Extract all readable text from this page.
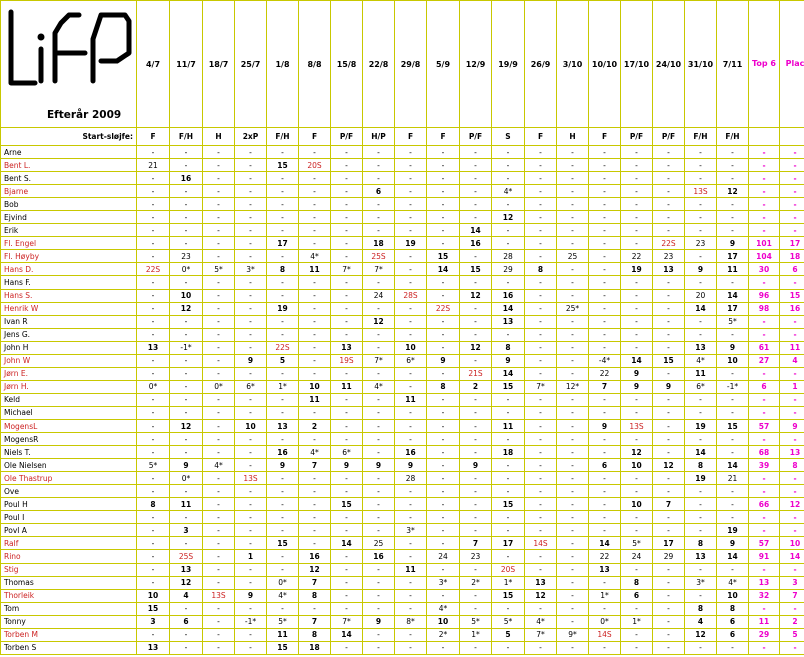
Efterår 2009	4/7	11/7	18/7	25/7	1/8	8/8	15/8	22/8	29/8	5/9	12/9	19/9	26/9	3/10	10/10	17/10	24/10	31/10	7/11	Top 6	Plac
Start-sløjfe:	F	F/H	H	2xP	F/H	F	P/F	H/P	F	F	P/F	S	F	H	F	P/F	P/F	F/H	F/H		
Arne	-	-	-	-	-	-	-	-	-	-	-	-	-	-	-	-	-	-	-	-	-
Bent L.	21	-	-	-	15	20S	-	-	-	-	-	-	-	-	-	-	-	-	-	-	-
Bent S.	-	16	-	-	-	-	-	-	-	-	-	-	-	-	-	-	-	-	-	-	-
Bjarne	-	-	-	-	-	-	-	6	-	-	-	4*	-	-	-	-	-	13S	12	-	-
Bob	-	-	-	-	-	-	-	-	-	-	-	-	-	-	-	-	-	-	-	-	-
Ejvind	-	-	-	-	-	-	-	-	-	-	-	12	-	-	-	-	-	-	-	-	-
Erik	-	-	-	-	-	-	-	-	-	-	14	-	-	-	-	-	-	-	-	-	-
Fl. Engel	-	-	-	-	17	-	-	18	19	-	16	-	-	-	-	-	22S	23	9	101	17
Fl. Høyby	-	23	-	-	-	4*	-	25S	-	15	-	28	-	25	-	22	23	-	17	104	18
Hans D.	22S	0*	5*	3*	8	11	7*	7*	-	14	15	29	8	-	-	19	13	9	11	30	6
Hans F.	-	-	-	-	-	-	-	-	-	-	-	-	-	-	-	-	-	-	-	-	-
Hans S.	-	10	-	-	-	-	-	24	28S	-	12	16	-	-	-	-	-	20	14	96	15
Henrik W	-	12	-	-	19	-	-	-	-	22S	-	14	-	25*	-	-	-	14	17	98	16
Ivan R	-	-	-	-	-	-	-	12	-	-	-	13	-	-	-	-	-	-	5*	-	-
Jens G.	-	-	-	-	-	-	-	-	-	-	-	-	-	-	-	-	-	-	-	-	-
John H	13	-1*	-	-	22S	-	13	-	10	-	12	8	-	-	-	-	-	13	9	61	11
John W	-	-	-	9	5	-	19S	7*	6*	9	-	9	-	-	-4*	14	15	4*	10	27	4
Jørn E.	-	-	-	-	-	-	-	-	-	-	21S	14	-	-	22	9	-	11	-	-	-
Jørn H.	0*	-	0*	6*	1*	10	11	4*	-	8	2	15	7*	12*	7	9	9	6*	-1*	6	1
Keld	-	-	-	-	-	11	-	-	11	-	-	-	-	-	-	-	-	-	-	-	-
Michael	-	-	-	-	-	-	-	-	-	-	-	-	-	-	-	-	-	-	-	-	-
MogensL	-	12	-	10	13	2	-	-	-	-	-	11	-	-	9	13S	-	19	15	57	9
MogensR	-	-	-	-	-	-	-	-	-	-	-	-	-	-	-	-	-	-	-	-	-
Niels T.	-	-	-	-	16	4*	6*	-	16	-	-	18	-	-	-	12	-	14	-	68	13
Ole Nielsen	5*	9	4*	-	9	7	9	9	9	-	9	-	-	-	6	10	12	8	14	39	8
Ole Thastrup	-	0*	-	13S	-	-	-	-	28	-	-	-	-	-	-	-	-	19	21	-	-
Ove	-	-	-	-	-	-	-	-	-	-	-	-	-	-	-	-	-	-	-	-	-
Poul H	8	11	-	-	-	-	15	-	-	-	-	15	-	-	-	10	7	-	-	66	12
Poul I	-	-	-	-	-	-	-	-	-	-	-	-	-	-	-	-	-	-	-	-	-
Povl A	-	3	-	-	-	-	-	-	3*	-	-	-	-	-	-	-	-	-	19	-	-
Ralf	-	-	-	-	15	-	14	25	-	-	7	17	14S	-	14	5*	17	8	9	57	10
Rino	-	25S	-	1	-	16	-	16	-	24	23	-	-	-	22	24	29	13	14	91	14
Stig	-	13	-	-	-	12	-	-	11	-	-	20S	-	-	13	-	-	-	-	-	-
Thomas	-	12	-	-	0*	7	-	-	-	3*	2*	1*	13	-	-	8	-	3*	4*	13	3
Thorleik	10	4	13S	9	4*	8	-	-	-	-	-	15	12	-	1*	6	-	-	10	32	7
Tom	15	-	-	-	-	-	-	-	-	4*	-	-	-	-	-	-	-	8	8	-	-
Tonny	3	6	-	-1*	5*	7	7*	9	8*	10	5*	5*	4*	-	0*	1*	-	4	6	11	2
Torben M	-	-	-	-	11	8	14	-	-	2*	1*	5	7*	9*	14S	-	-	12	6	29	5
Torben S	13	-	-	-	15	18	-	-	-	-	-	-	-	-	-	-	-	-	-	-	-
